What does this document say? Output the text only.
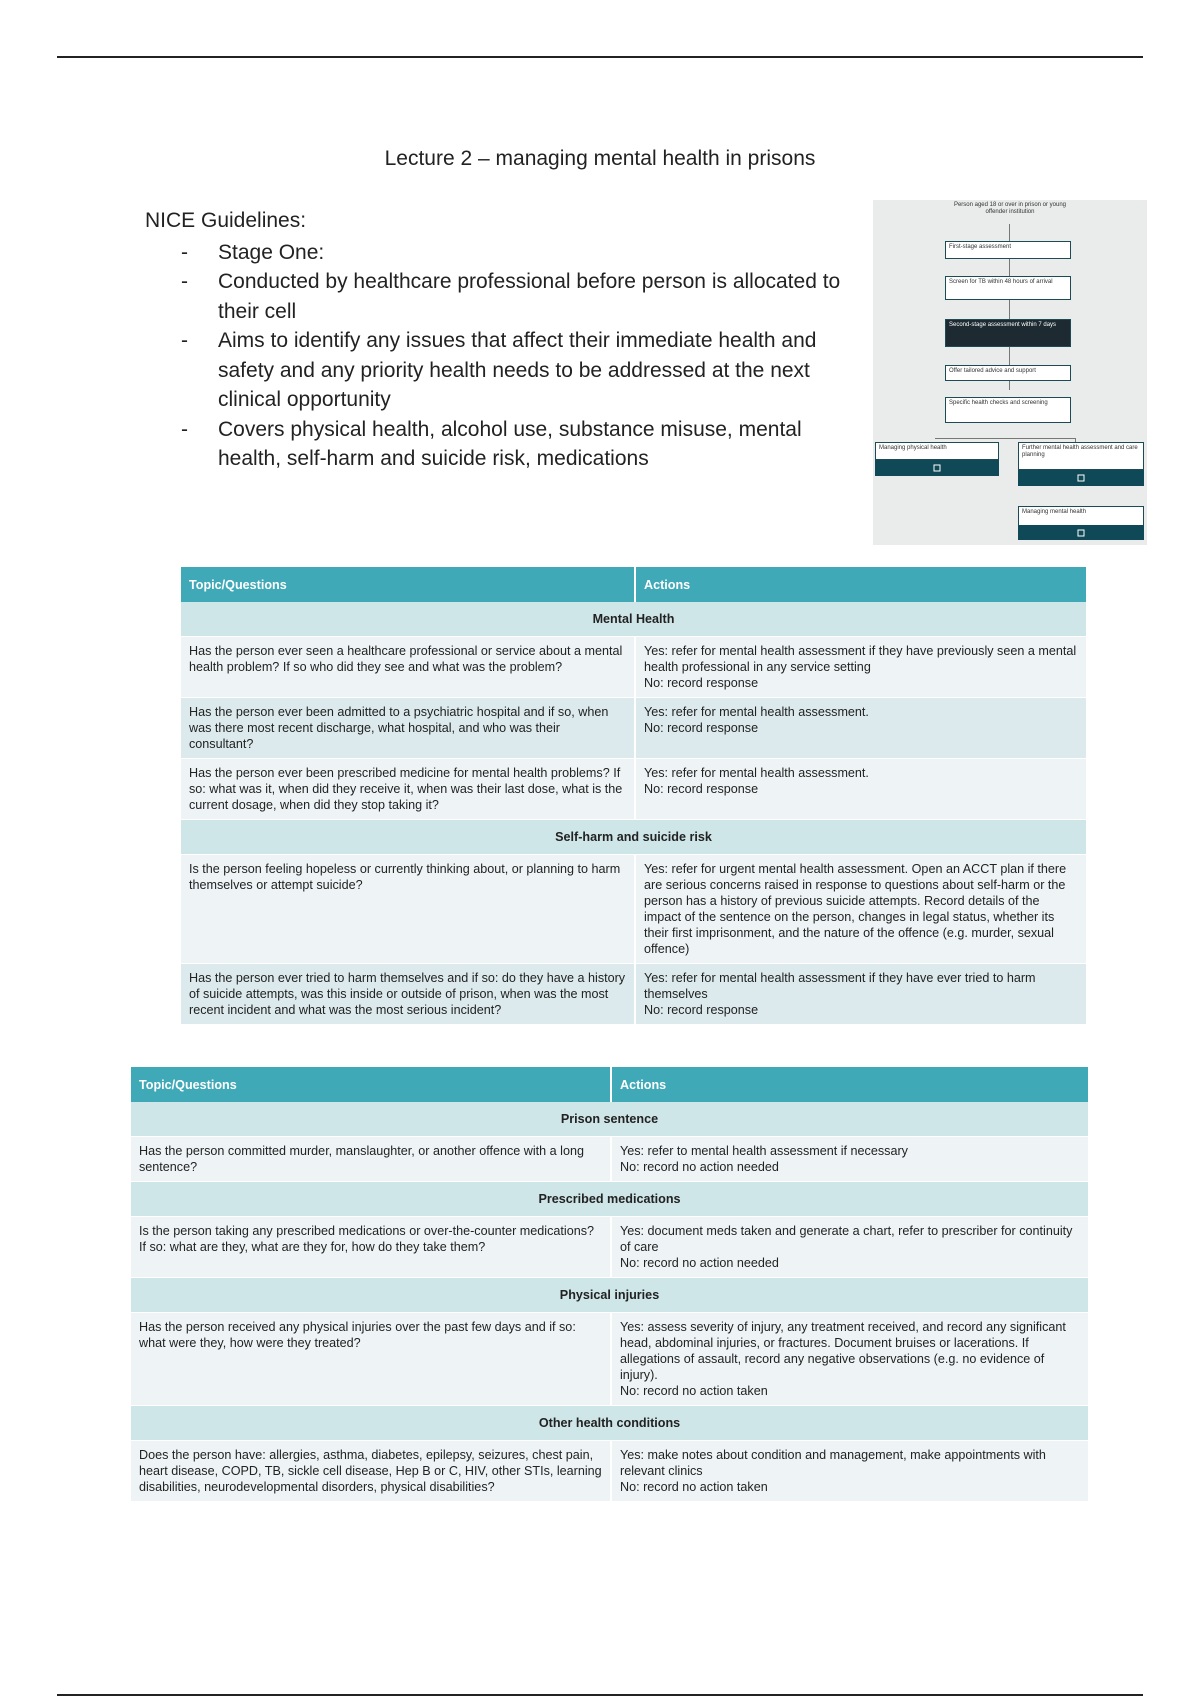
Lecture 2 – managing mental health in prisons
NICE Guidelines:
- Stage One:
- Conducted by healthcare professional before person is allocated to their cell
- Aims to identify any issues that affect their immediate health and safety and any priority health needs to be addressed at the next clinical opportunity
- Covers physical health, alcohol use, substance misuse, mental health, self-harm and suicide risk, medications
Person aged 18 or over in prison or young offender institution
First-stage assessment
Screen for TB within 48 hours of arrival
Second-stage assessment within 7 days
Offer tailored advice and support
Specific health checks and screening
Managing physical health	Further mental health assessment and care planning
Managing mental health
Topic/Questions	Actions
Mental Health	
Has the person ever seen a healthcare professional or service about a mental health problem? If so who did they see and what was the problem?	Yes: refer for mental health assessment if they have previously seen a mental health professional in any service setting
No: record response

Has the person ever been admitted to a psychiatric hospital and if so, when was there most recent discharge, what hospital, and who was their consultant?	Yes: refer for mental health assessment.
No: record response

Has the person ever been prescribed medicine for mental health problems? If so: what was it, when did they receive it, when was their last dose, what is the current dosage, when did they stop taking it?	Yes: refer for mental health assessment.
No: record response

Self-harm and suicide risk	
Is the person feeling hopeless or currently thinking about, or planning to harm themselves or attempt suicide?	Yes: refer for urgent mental health assessment. Open an ACCT plan if there are serious concerns raised in response to questions about self-harm or the person has a history of previous suicide attempts. Record details of the impact of the sentence on the person, changes in legal status, whether its their first imprisonment, and the nature of the offence (e.g. murder, sexual offence)

Has the person ever tried to harm themselves and if so: do they have a history of suicide attempts, was this inside or outside of prison, when was the most recent incident and what was the most serious incident?	Yes: refer for mental health assessment if they have ever tried to harm themselves
No: record response
Topic/Questions	Actions
Prison sentence	
Has the person committed murder, manslaughter, or another offence with a long sentence?	Yes: refer to mental health assessment if necessary
No: record no action needed

Prescribed medications	
Is the person taking any prescribed medications or over-the-counter medications? If so: what are they, what are they for, how do they take them?	Yes: document meds taken and generate a chart, refer to prescriber for continuity of care
No: record no action needed

Physical injuries	
Has the person received any physical injuries over the past few days and if so: what were they, how were they treated?	Yes: assess severity of injury, any treatment received, and record any significant head, abdominal injuries, or fractures. Document bruises or lacerations. If allegations of assault, record any negative observations (e.g. no evidence of injury).
No: record no action taken

Other health conditions	
Does the person have: allergies, asthma, diabetes, epilepsy, seizures, chest pain, heart disease, COPD, TB, sickle cell disease, Hep B or C, HIV, other STIs, learning disabilities, neurodevelopmental disorders, physical disabilities?	Yes: make notes about condition and management, make appointments with relevant clinics
No: record no action taken
